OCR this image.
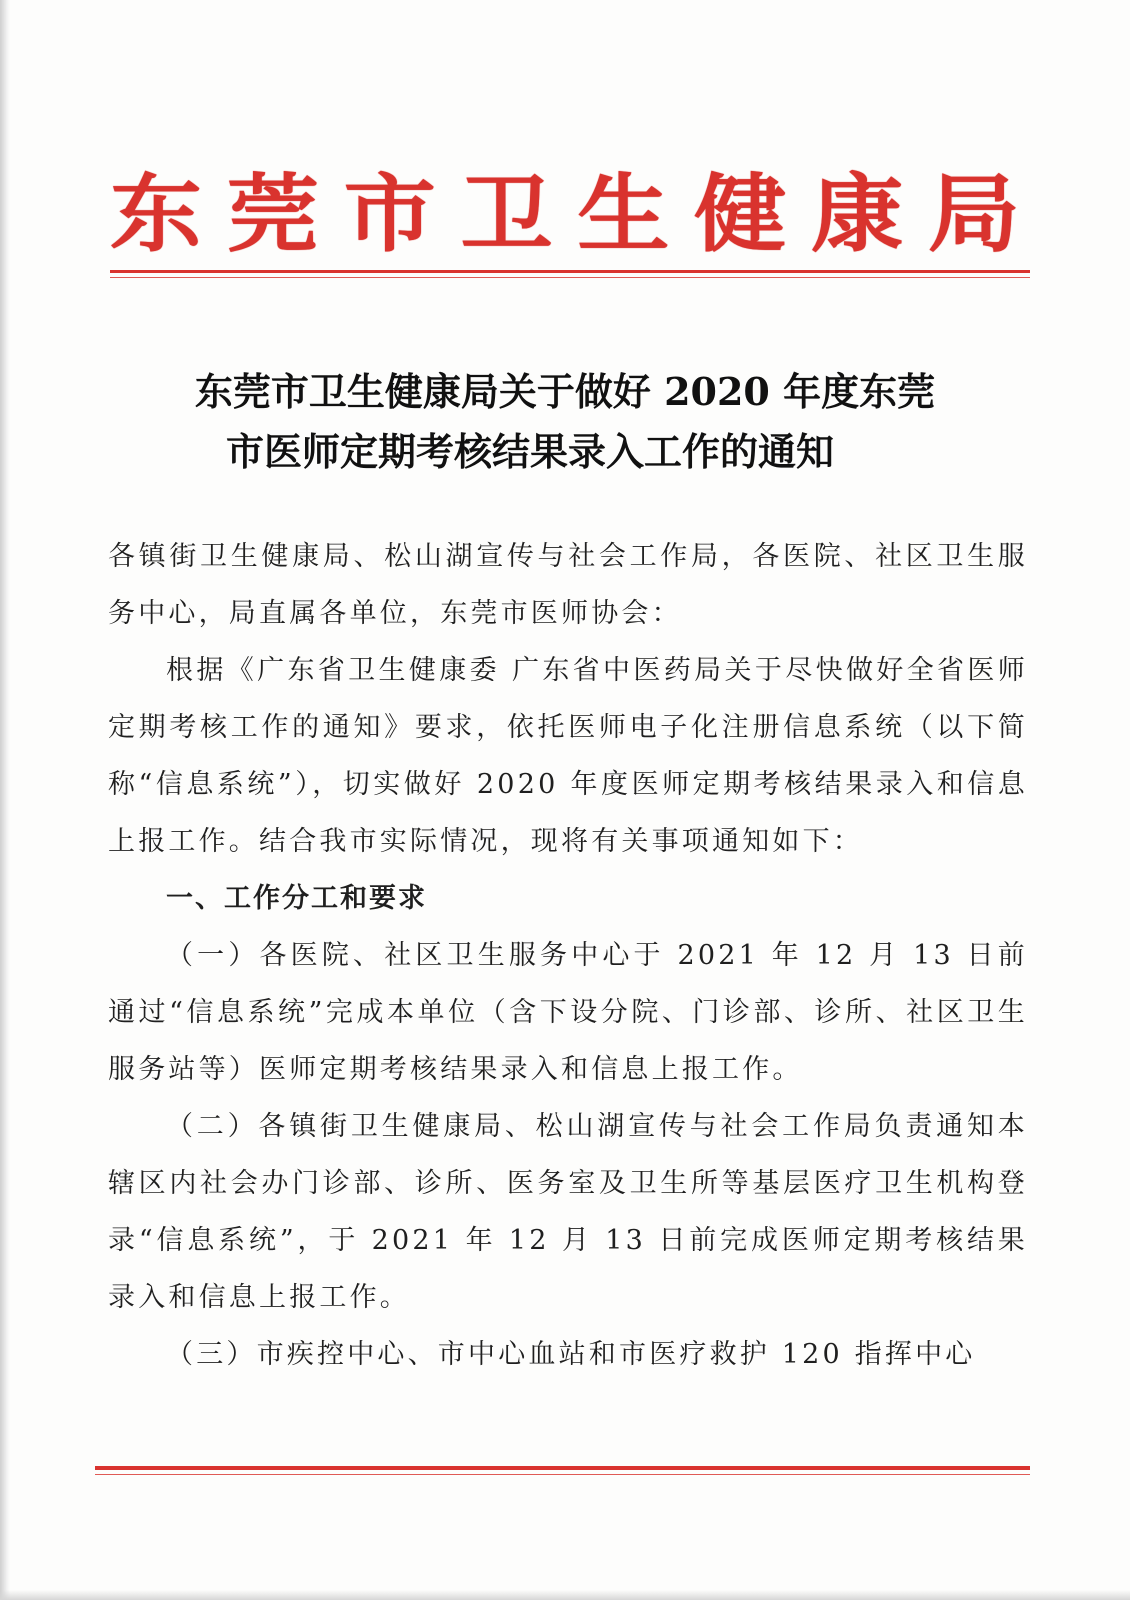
东 莞 市 卫 生 健 康 局
东莞市卫生健康局关于做好 2020 年度东莞
市医师定期考核结果录入工作的通知

各镇街卫生健康局、松山湖宣传与社会工作局，各医院、社区卫生服务中心，局直属各单位，东莞市医师协会：

根据《广东省卫生健康委 广东省中医药局关于尽快做好全省医师定期考核工作的通知》要求，依托医师电子化注册信息系统（以下简称“信息系统”），切实做好 2020 年度医师定期考核结果录入和信息上报工作。结合我市实际情况，现将有关事项通知如下：

一、工作分工和要求

（一）各医院、社区卫生服务中心于 2021 年 12 月 13 日前通过“信息系统”完成本单位（含下设分院、门诊部、诊所、社区卫生服务站等）医师定期考核结果录入和信息上报工作。

（二）各镇街卫生健康局、松山湖宣传与社会工作局负责通知本辖区内社会办门诊部、诊所、医务室及卫生所等基层医疗卫生机构登录“信息系统”，于 2021 年 12 月 13 日前完成医师定期考核结果录入和信息上报工作。

（三）市疾控中心、市中心血站和市医疗救护 120 指挥中心
